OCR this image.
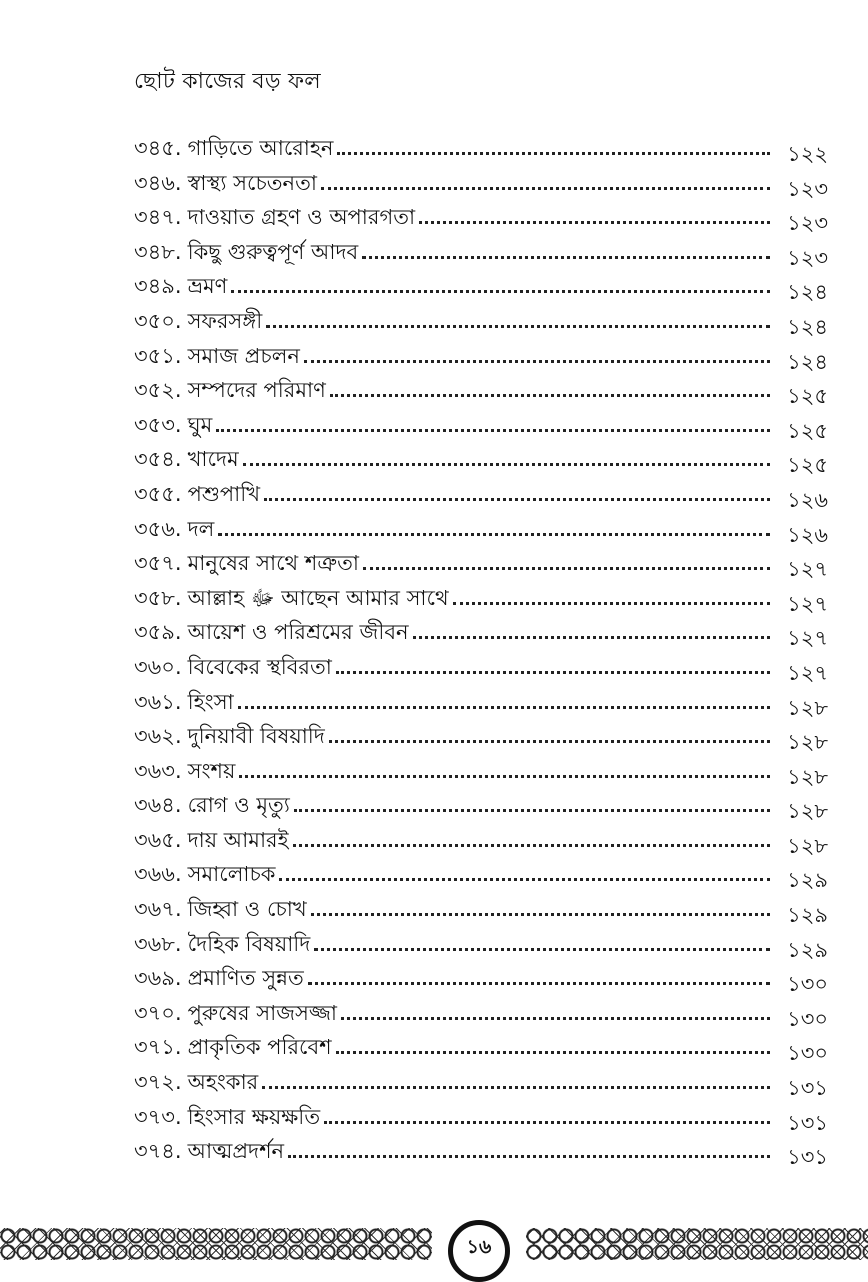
ছোট কাজের বড় ফল
৩৪৫. গাড়িতে আরোহন	১২২
৩৪৬. স্বাস্থ্য সচেতনতা	১২৩
৩৪৭. দাওয়াত গ্রহণ ও অপারগতা	১২৩
৩৪৮. কিছু গুরুত্বপূর্ণ আদব	১২৩
৩৪৯. ভ্রমণ	১২৪
৩৫০. সফরসঙ্গী	১২৪
৩৫১. সমাজ প্রচলন	১২৪
৩৫২. সম্পদের পরিমাণ	১২৫
৩৫৩. ঘুম	১২৫
৩৫৪. খাদেম	১২৫
৩৫৫. পশুপাখি	১২৬
৩৫৬. দল	১২৬
৩৫৭. মানুষের সাথে শত্রুতা	১২৭
৩৫৮. আল্লাহ ﷻ আছেন আমার সাথে	১২৭
৩৫৯. আয়েশ ও পরিশ্রমের জীবন	১২৭
৩৬০. বিবেকের স্থবিরতা	১২৭
৩৬১. হিংসা	১২৮
৩৬২. দুনিয়াবী বিষয়াদি	১২৮
৩৬৩. সংশয়	১২৮
৩৬৪. রোগ ও মৃত্যু	১২৮
৩৬৫. দায় আমারই	১২৮
৩৬৬. সমালোচক	১২৯
৩৬৭. জিহ্বা ও চোখ	১২৯
৩৬৮. দৈহিক বিষয়াদি	১২৯
৩৬৯. প্রমাণিত সুন্নত	১৩০
৩৭০. পুরুষের সাজসজ্জা	১৩০
৩৭১. প্রাকৃতিক পরিবেশ	১৩০
৩৭২. অহংকার	১৩১
৩৭৩. হিংসার ক্ষয়ক্ষতি	১৩১
৩৭৪. আত্মপ্রদর্শন	১৩১
১৬
